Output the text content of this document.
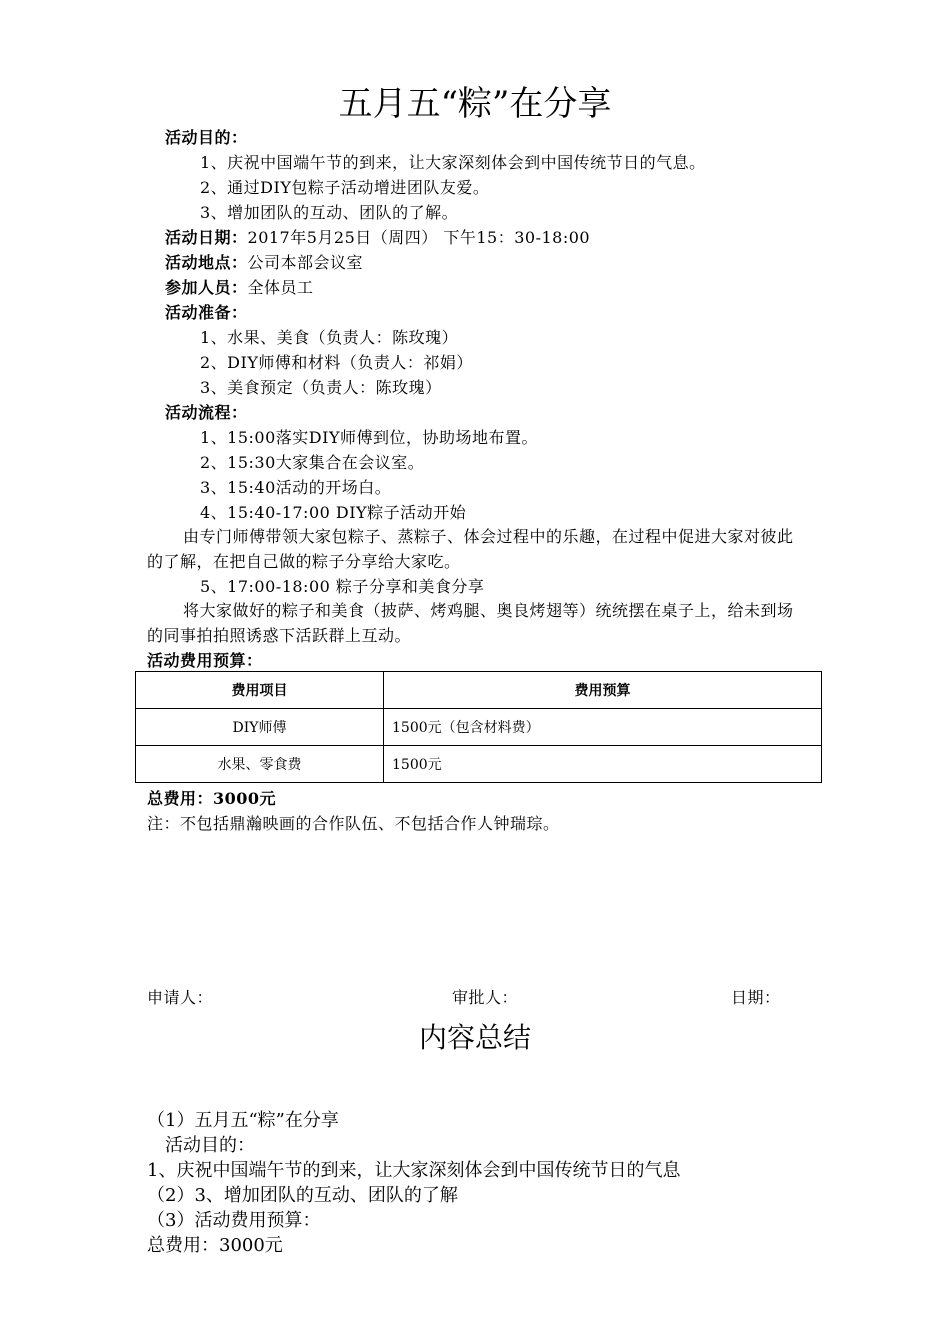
五月五“粽”在分享
活动目的：
1、庆祝中国端午节的到来，让大家深刻体会到中国传统节日的气息。
2、通过DIY包粽子活动增进团队友爱。
3、增加团队的互动、团队的了解。
活动日期：2017年5月25日（周四） 下午15：30-18:00
活动地点：公司本部会议室
参加人员：全体员工
活动准备：
1、水果、美食（负责人：陈玫瑰）
2、DIY师傅和材料（负责人：祁娟）
3、美食预定（负责人：陈玫瑰）
活动流程：
1、15:00落实DIY师傅到位，协助场地布置。
2、15:30大家集合在会议室。
3、15:40活动的开场白。
4、15:40-17:00 DIY粽子活动开始
由专门师傅带领大家包粽子、蒸粽子、体会过程中的乐趣，在过程中促进大家对彼此的了解，在把自己做的粽子分享给大家吃。
5、17:00-18:00 粽子分享和美食分享
将大家做好的粽子和美食（披萨、烤鸡腿、奥良烤翅等）统统摆在桌子上，给未到场的同事拍拍照诱惑下活跃群上互动。
活动费用预算：
费用项目	费用预算
DIY师傅	1500元（包含材料费）
水果、零食费	1500元
总费用：3000元
注：不包括鼎瀚映画的合作队伍、不包括合作人钟瑞琮。
申请人：	审批人：	日期：
内容总结
（1）五月五“粽”在分享
活动目的：
1、庆祝中国端午节的到来，让大家深刻体会到中国传统节日的气息
（2）3、增加团队的互动、团队的了解
（3）活动费用预算：
总费用：3000元
